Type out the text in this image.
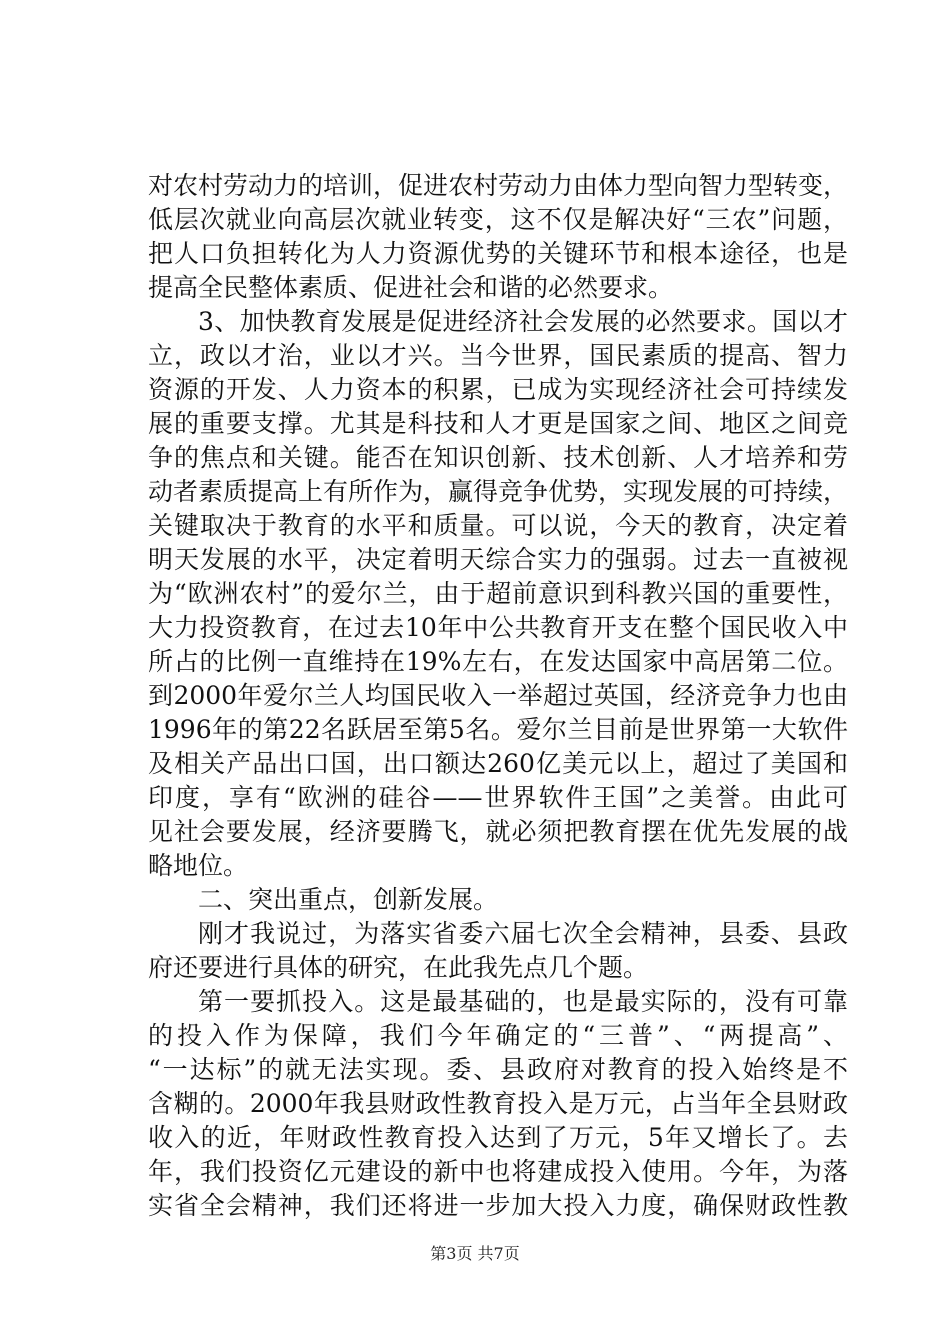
对农村劳动力的培训，促进农村劳动力由体力型向智力型转变，
低层次就业向高层次就业转变，这不仅是解决好“三农”问题，
把人口负担转化为人力资源优势的关键环节和根本途径，也是
提高全民整体素质、促进社会和谐的必然要求。
3、加快教育发展是促进经济社会发展的必然要求。国以才
立，政以才治，业以才兴。当今世界，国民素质的提高、智力
资源的开发、人力资本的积累，已成为实现经济社会可持续发
展的重要支撑。尤其是科技和人才更是国家之间、地区之间竞
争的焦点和关键。能否在知识创新、技术创新、人才培养和劳
动者素质提高上有所作为，赢得竞争优势，实现发展的可持续，
关键取决于教育的水平和质量。可以说，今天的教育，决定着
明天发展的水平，决定着明天综合实力的强弱。过去一直被视
为“欧洲农村”的爱尔兰，由于超前意识到科教兴国的重要性，
大力投资教育，在过去10年中公共教育开支在整个国民收入中
所占的比例一直维持在19%左右，在发达国家中高居第二位。
到2000年爱尔兰人均国民收入一举超过英国，经济竞争力也由
1996年的第22名跃居至第5名。爱尔兰目前是世界第一大软件
及相关产品出口国，出口额达260亿美元以上，超过了美国和
印度，享有“欧洲的硅谷——世界软件王国”之美誉。由此可
见社会要发展，经济要腾飞，就必须把教育摆在优先发展的战
略地位。
二、突出重点，创新发展。
刚才我说过，为落实省委六届七次全会精神，县委、县政
府还要进行具体的研究，在此我先点几个题。
第一要抓投入。这是最基础的，也是最实际的，没有可靠
的投入作为保障，我们今年确定的“三普”、“两提高”、
“一达标”的就无法实现。委、县政府对教育的投入始终是不
含糊的。2000年我县财政性教育投入是万元，占当年全县财政
收入的近，年财政性教育投入达到了万元，5年又增长了。去
年，我们投资亿元建设的新中也将建成投入使用。今年，为落
实省全会精神，我们还将进一步加大投入力度，确保财政性教
第3页 共7页
